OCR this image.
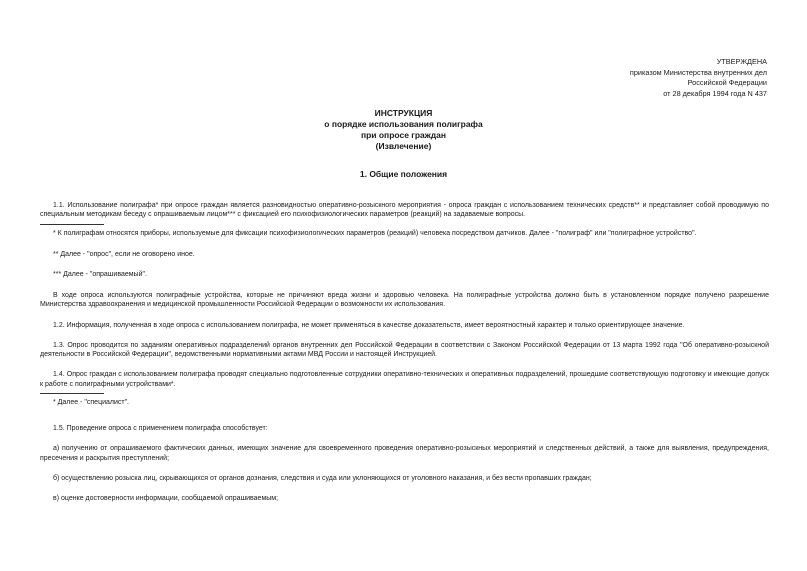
УТВЕРЖДЕНА
приказом Министерства внутренних дел
Российской Федерации
от 28 декабря 1994 года N 437
ИНСТРУКЦИЯ
о порядке использования полиграфа
при опросе граждан
(Извлечение)
1. Общие положения

1.1. Использование полиграфа* при опросе граждан является разновидностью оперативно-розыскного мероприятия - опроса граждан с использованием технических средств** и представляет собой проводимую по специальным методикам беседу с опрашиваемым лицом*** с фиксацией его психофизиологических параметров (реакций) на задаваемые вопросы.

* К полиграфам относятся приборы, используемые для фиксации психофизиологических параметров (реакций) человека посредством датчиков. Далее - "полиграф" или "полиграфное устройство".

** Далее - "опрос", если не оговорено иное.

*** Далее - "опрашиваемый".

В ходе опроса используются полиграфные устройства, которые не причиняют вреда жизни и здоровью человека. На полиграфные устройства должно быть в установленном порядке получено разрешение Министерства здравоохранения и медицинской промышленности Российской Федерации о возможности их использования.

1.2. Информация, полученная в ходе опроса с использованием полиграфа, не может применяться в качестве доказательств, имеет вероятностный характер и только ориентирующее значение.

1.3. Опрос проводится по заданиям оперативных подразделений органов внутренних дел Российской Федерации в соответствии с Законом Российской Федерации от 13 марта 1992 года "Об оперативно-розыскной деятельности в Российской Федерации", ведомственными нормативными актами МВД России и настоящей Инструкцией.

1.4. Опрос граждан с использованием полиграфа проводят специально подготовленные сотрудники оперативно-технических и оперативных подразделений, прошедшие соответствующую подготовку и имеющие допуск к работе с полиграфными устройствами*.

* Далее - "специалист".

1.5. Проведение опроса с применением полиграфа способствует:

а) получению от опрашиваемого фактических данных, имеющих значение для своевременного проведения оперативно-розыскных мероприятий и следственных действий, а также для выявления, предупреждения, пресечения и раскрытия преступлений;

б) осуществлению розыска лиц, скрывающихся от органов дознания, следствия и суда или уклоняющихся от уголовного наказания, и без вести пропавших граждан;

в) оценке достоверности информации, сообщаемой опрашиваемым;
